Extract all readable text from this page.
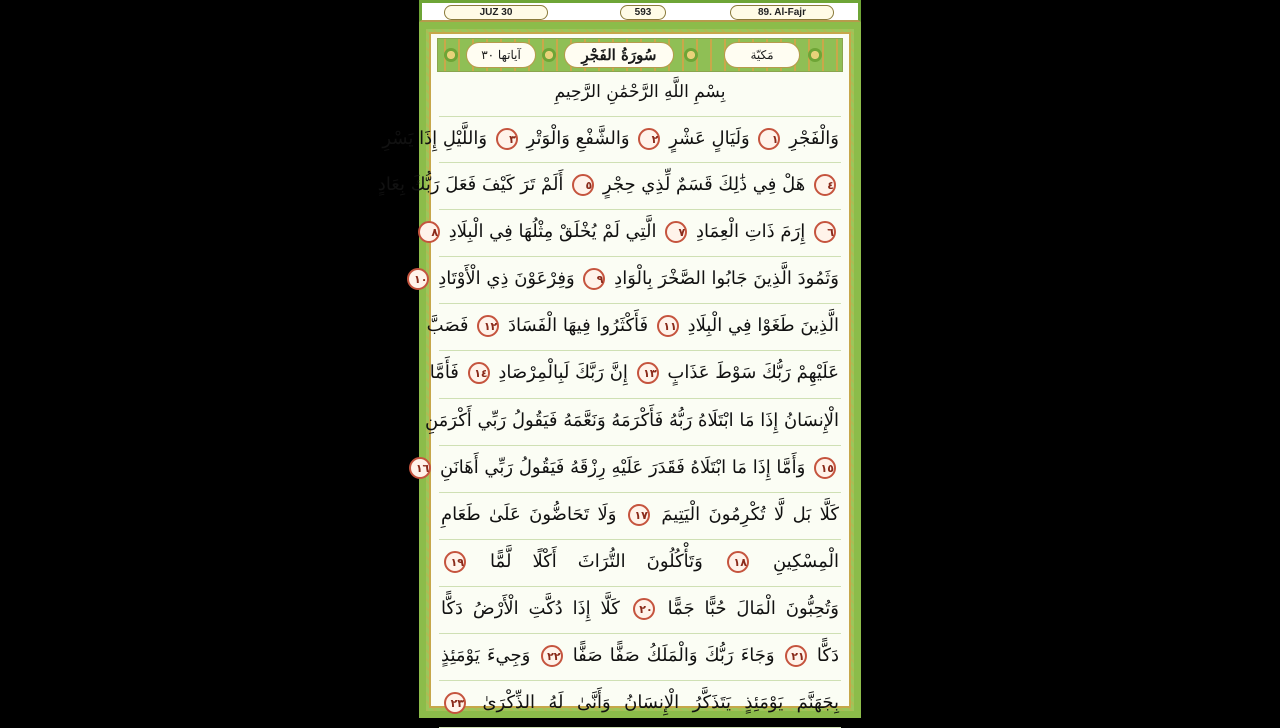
JUZ 30	593	89. Al-Fajr
آياتها ٣٠	سُورَةُ الفَجْرِ	مَكيّة
بِسْمِ اللَّهِ الرَّحْمَٰنِ الرَّحِيمِ
وَالْفَجْرِ ١ وَلَيَالٍ عَشْرٍ ٢ وَالشَّفْعِ وَالْوَتْرِ ٣ وَاللَّيْلِ إِذَا يَسْرِ
٤ هَلْ فِي ذَٰلِكَ قَسَمٌ لِّذِي حِجْرٍ ٥ أَلَمْ تَرَ كَيْفَ فَعَلَ رَبُّكَ بِعَادٍ
٦ إِرَمَ ذَاتِ الْعِمَادِ ٧ الَّتِي لَمْ يُخْلَقْ مِثْلُهَا فِي الْبِلَادِ ٨
وَثَمُودَ الَّذِينَ جَابُوا الصَّخْرَ بِالْوَادِ ٩ وَفِرْعَوْنَ ذِي الْأَوْتَادِ ١٠
الَّذِينَ طَغَوْا فِي الْبِلَادِ ١١ فَأَكْثَرُوا فِيهَا الْفَسَادَ ١٢ فَصَبَّ
عَلَيْهِمْ رَبُّكَ سَوْطَ عَذَابٍ ١٣ إِنَّ رَبَّكَ لَبِالْمِرْصَادِ ١٤ فَأَمَّا
الْإِنسَانُ إِذَا مَا ابْتَلَاهُ رَبُّهُ فَأَكْرَمَهُ وَنَعَّمَهُ فَيَقُولُ رَبِّي أَكْرَمَنِ
١٥ وَأَمَّا إِذَا مَا ابْتَلَاهُ فَقَدَرَ عَلَيْهِ رِزْقَهُ فَيَقُولُ رَبِّي أَهَانَنِ ١٦
كَلَّا بَل لَّا تُكْرِمُونَ الْيَتِيمَ ١٧ وَلَا تَحَاضُّونَ عَلَىٰ طَعَامِ
الْمِسْكِينِ ١٨ وَتَأْكُلُونَ التُّرَاثَ أَكْلًا لَّمًّا ١٩
وَتُحِبُّونَ الْمَالَ حُبًّا جَمًّا ٢٠ كَلَّا إِذَا دُكَّتِ الْأَرْضُ دَكًّا
دَكًّا ٢١ وَجَاءَ رَبُّكَ وَالْمَلَكُ صَفًّا صَفًّا ٢٢ وَجِيءَ يَوْمَئِذٍ
بِجَهَنَّمَ يَوْمَئِذٍ يَتَذَكَّرُ الْإِنسَانُ وَأَنَّىٰ لَهُ الذِّكْرَىٰ ٢٣
